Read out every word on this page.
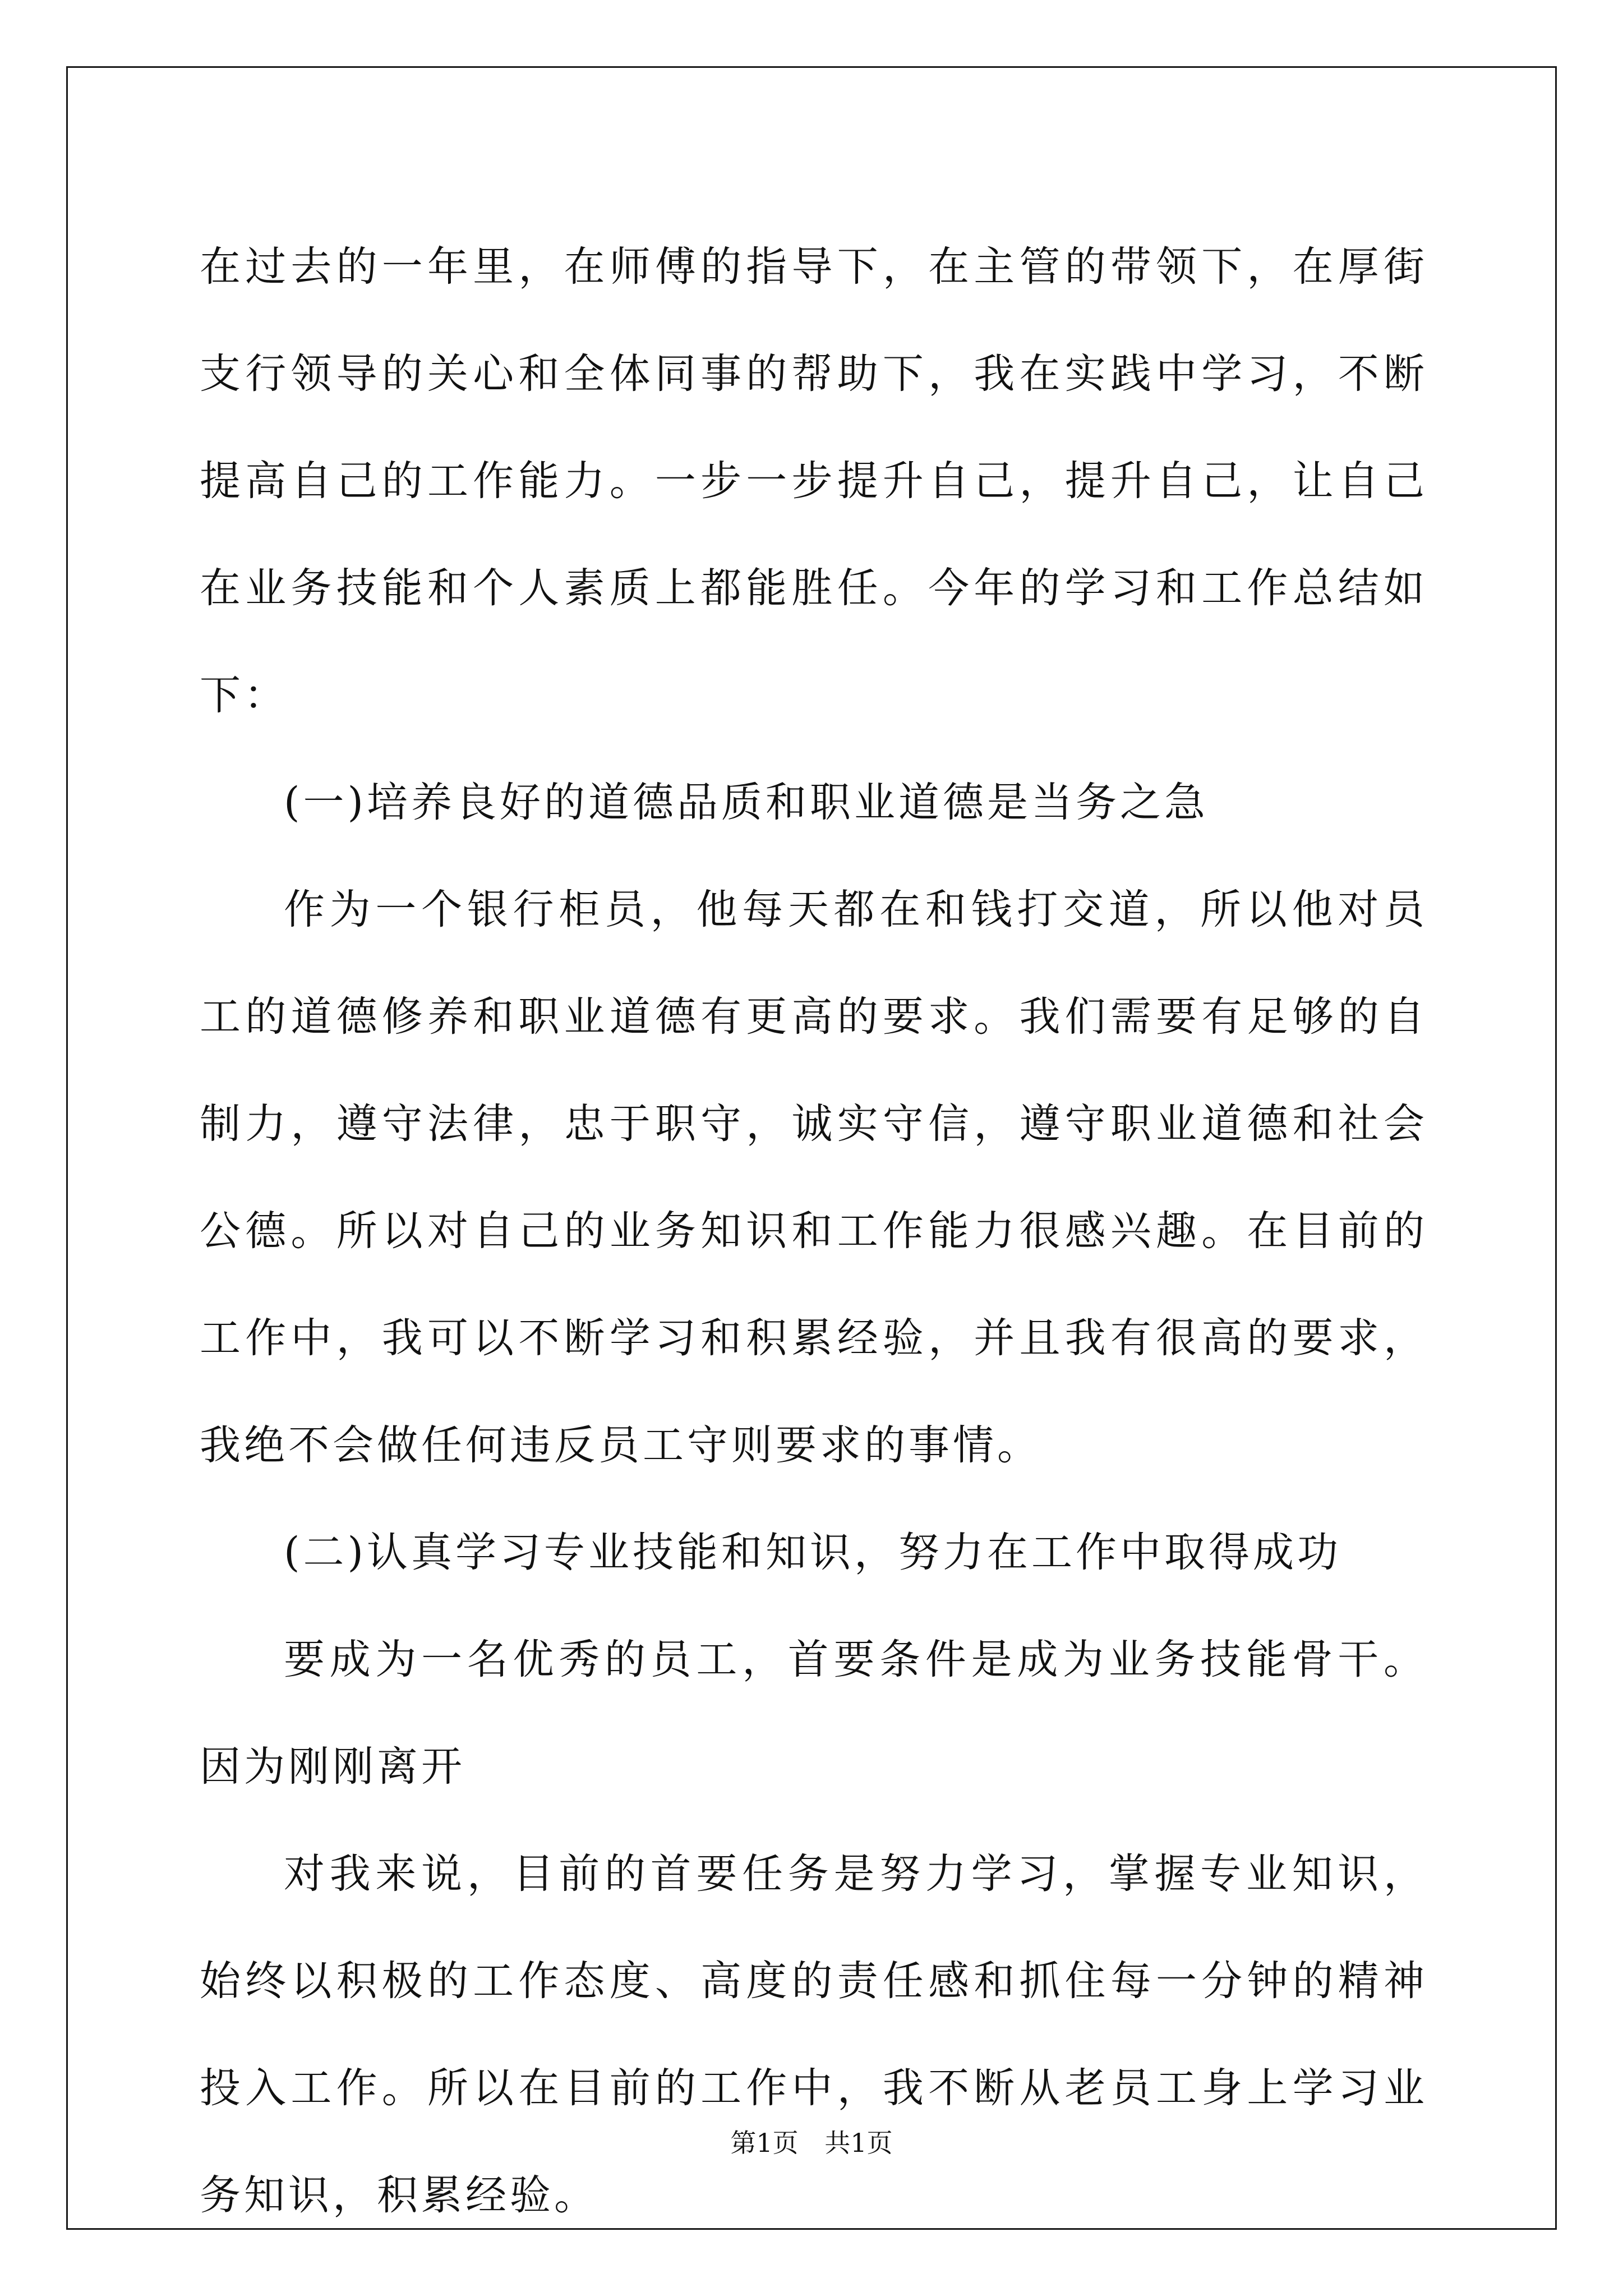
在过去的一年里，在师傅的指导下，在主管的带领下，在厚街支行领导的关心和全体同事的帮助下，我在实践中学习，不断提高自己的工作能力。一步一步提升自己，提升自己，让自己在业务技能和个人素质上都能胜任。今年的学习和工作总结如下：

(一)培养良好的道德品质和职业道德是当务之急

作为一个银行柜员，他每天都在和钱打交道，所以他对员工的道德修养和职业道德有更高的要求。我们需要有足够的自制力，遵守法律，忠于职守，诚实守信，遵守职业道德和社会公德。所以对自己的业务知识和工作能力很感兴趣。在目前的工作中，我可以不断学习和积累经验，并且我有很高的要求，我绝不会做任何违反员工守则要求的事情。

(二)认真学习专业技能和知识，努力在工作中取得成功

要成为一名优秀的员工，首要条件是成为业务技能骨干。因为刚刚离开

对我来说，目前的首要任务是努力学习，掌握专业知识，始终以积极的工作态度、高度的责任感和抓住每一分钟的精神投入工作。所以在目前的工作中，我不断从老员工身上学习业务知识，积累经验。

第1页 共1页
